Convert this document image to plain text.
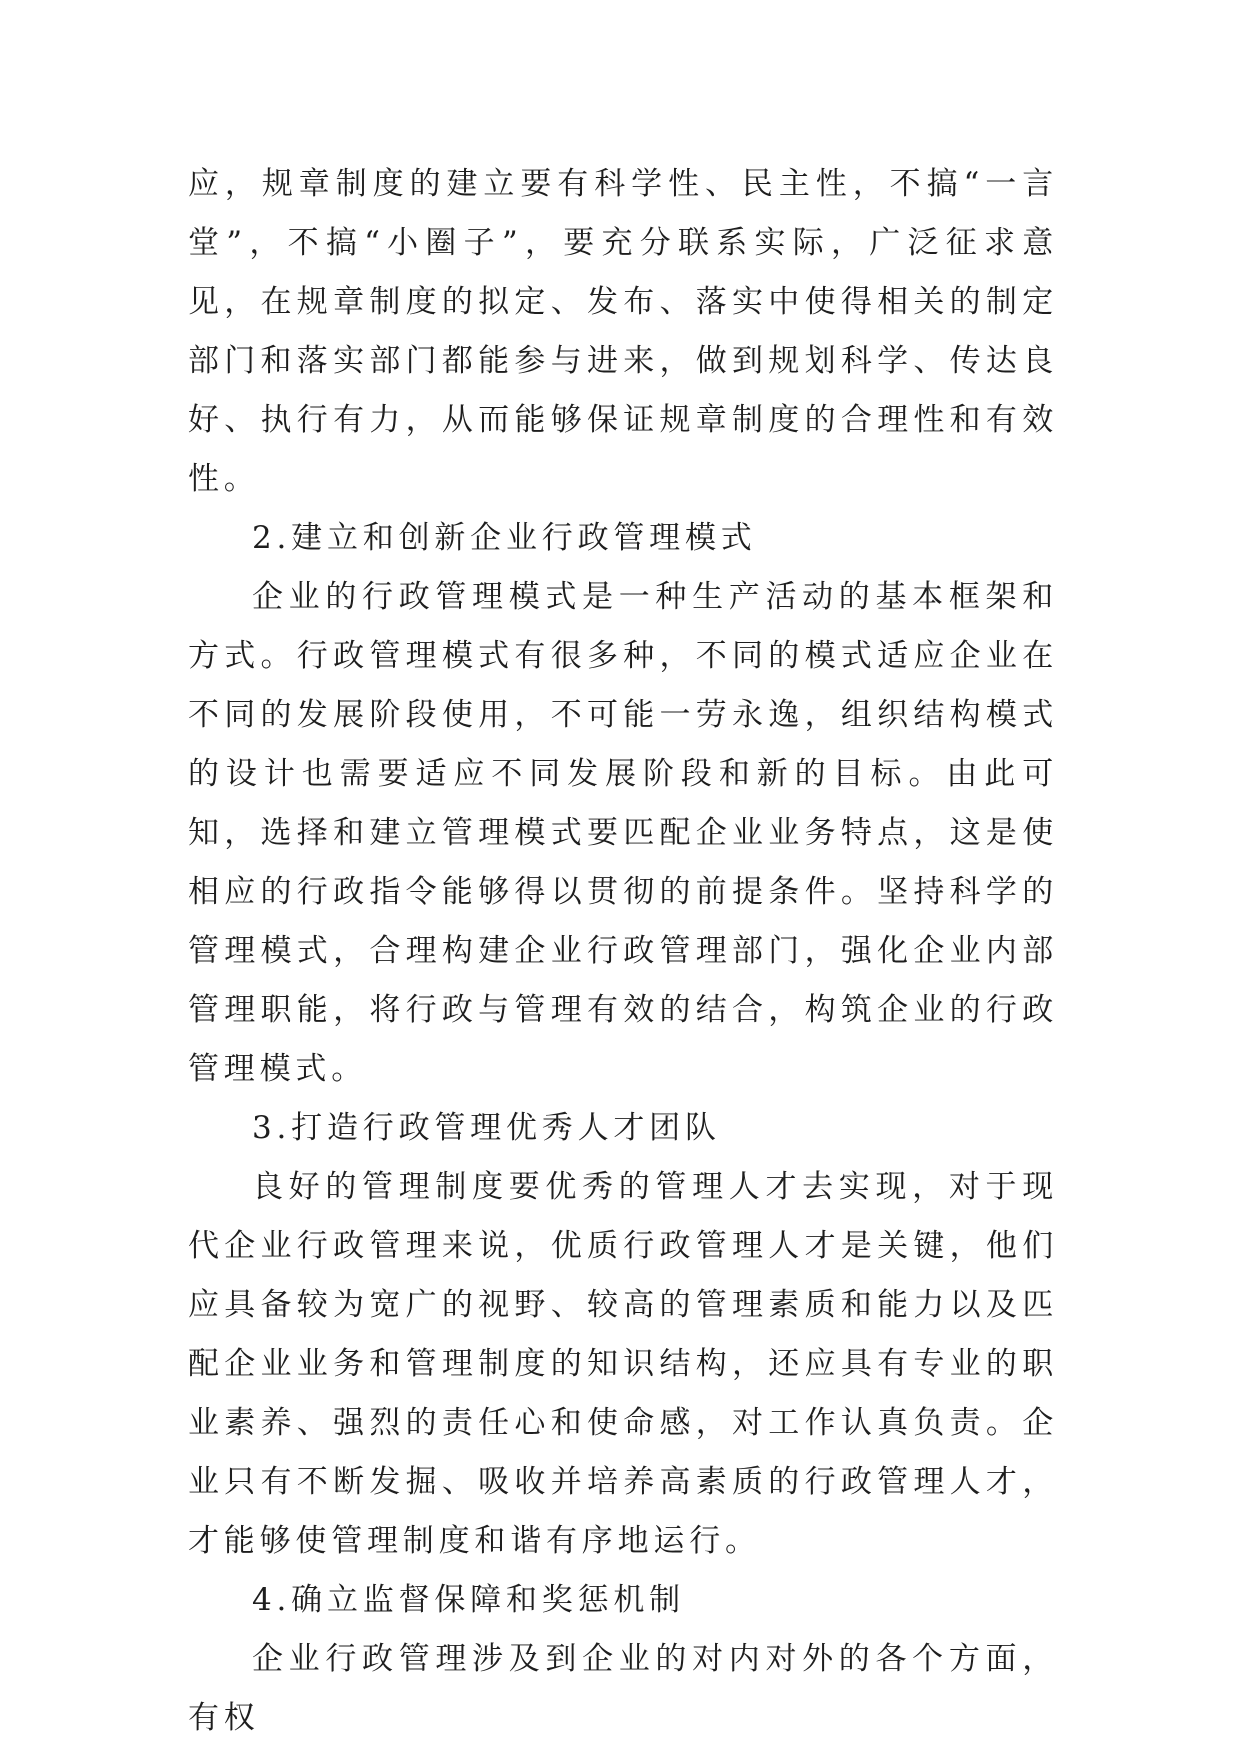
应，规章制度的建立要有科学性、民主性，不搞“一言堂”，不搞“小圈子”，要充分联系实际，广泛征求意见，在规章制度的拟定、发布、落实中使得相关的制定部门和落实部门都能参与进来，做到规划科学、传达良好、执行有力，从而能够保证规章制度的合理性和有效性。

2.建立和创新企业行政管理模式

企业的行政管理模式是一种生产活动的基本框架和方式。行政管理模式有很多种，不同的模式适应企业在不同的发展阶段使用，不可能一劳永逸，组织结构模式的设计也需要适应不同发展阶段和新的目标。由此可知，选择和建立管理模式要匹配企业业务特点，这是使相应的行政指令能够得以贯彻的前提条件。坚持科学的管理模式，合理构建企业行政管理部门，强化企业内部管理职能，将行政与管理有效的结合，构筑企业的行政管理模式。

3.打造行政管理优秀人才团队

良好的管理制度要优秀的管理人才去实现，对于现代企业行政管理来说，优质行政管理人才是关键，他们应具备较为宽广的视野、较高的管理素质和能力以及匹配企业业务和管理制度的知识结构，还应具有专业的职业素养、强烈的责任心和使命感，对工作认真负责。企业只有不断发掘、吸收并培养高素质的行政管理人才，才能够使管理制度和谐有序地运行。

4.确立监督保障和奖惩机制

企业行政管理涉及到企业的对内对外的各个方面，有权
